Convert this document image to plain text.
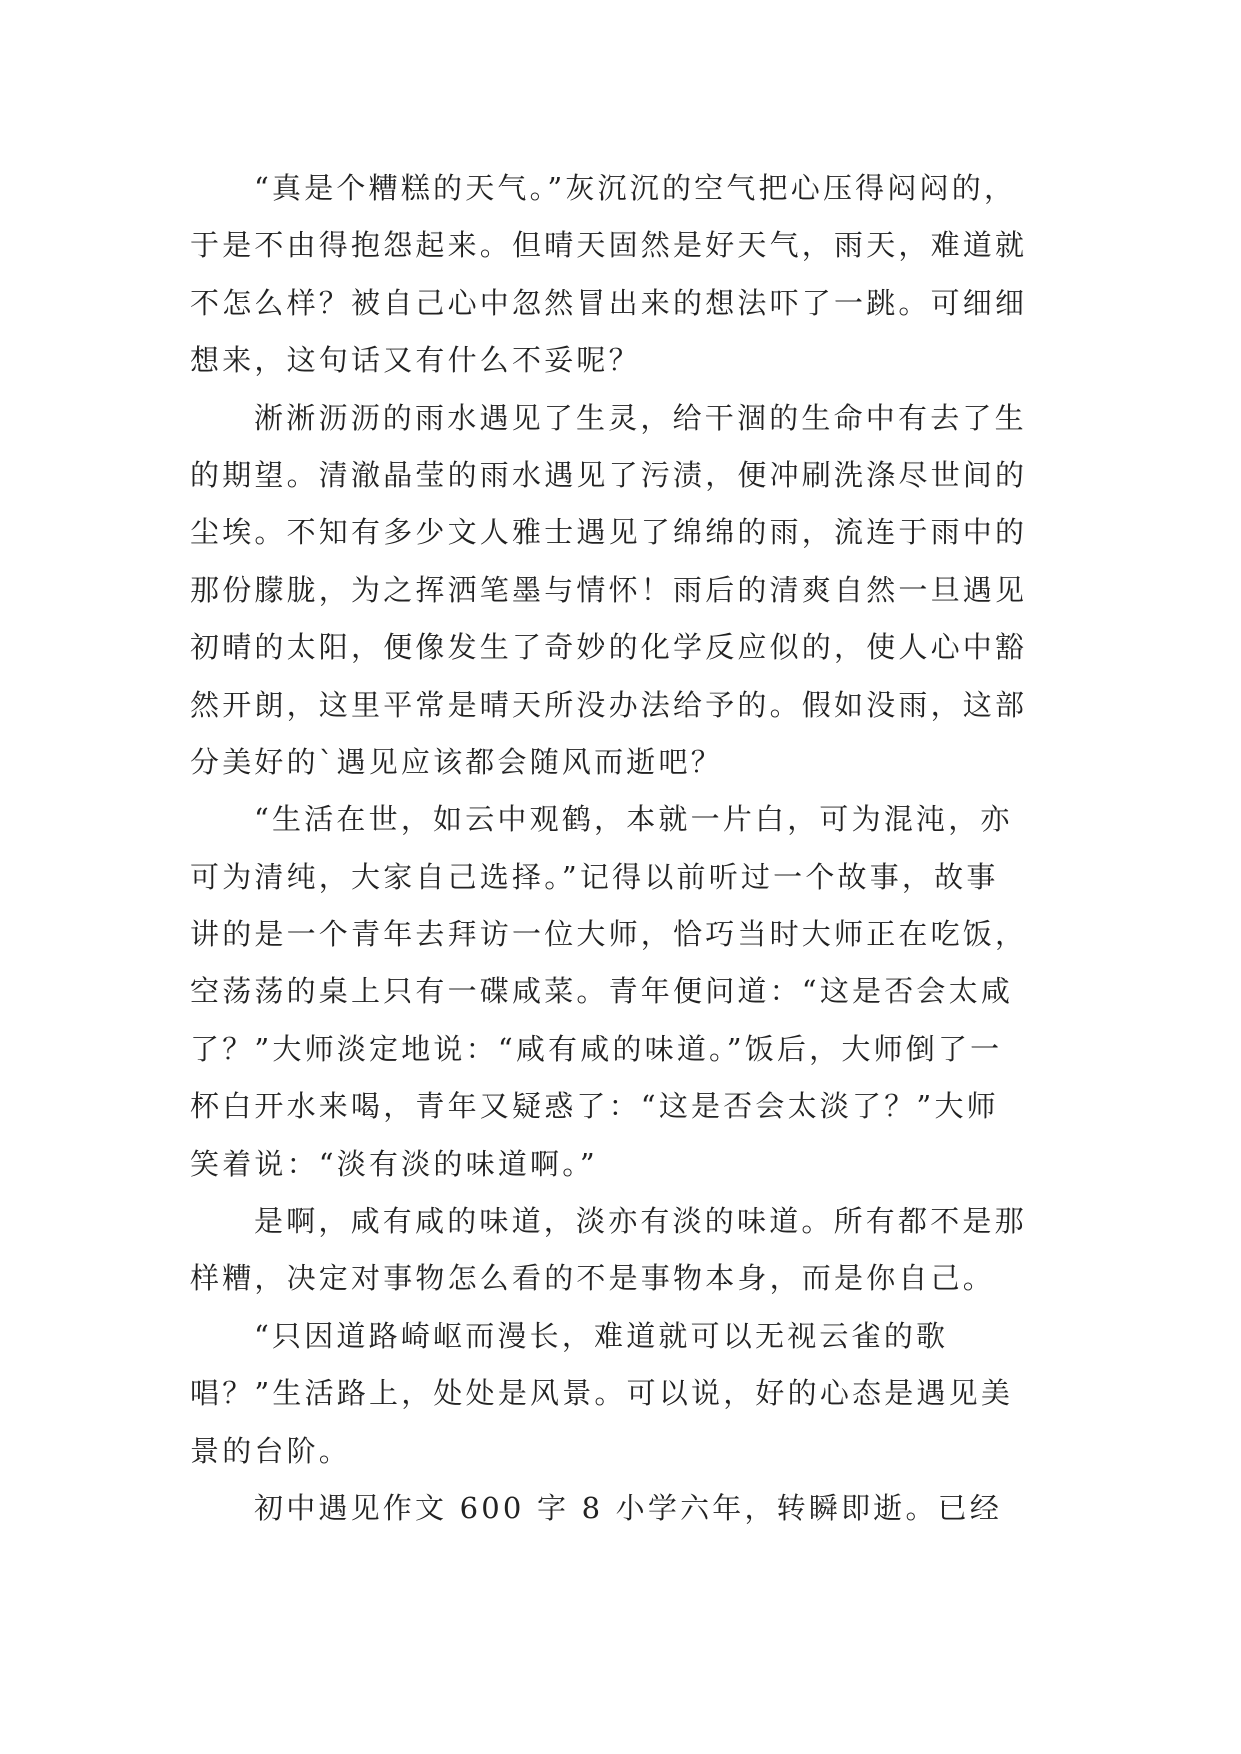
“真是个糟糕的天气。”灰沉沉的空气把心压得闷闷的，
于是不由得抱怨起来。但晴天固然是好天气，雨天，难道就
不怎么样？被自己心中忽然冒出来的想法吓了一跳。可细细
想来，这句话又有什么不妥呢？
淅淅沥沥的雨水遇见了生灵，给干涸的生命中有去了生
的期望。清澈晶莹的雨水遇见了污渍，便冲刷洗涤尽世间的
尘埃。不知有多少文人雅士遇见了绵绵的雨，流连于雨中的
那份朦胧，为之挥洒笔墨与情怀！雨后的清爽自然一旦遇见
初晴的太阳，便像发生了奇妙的化学反应似的，使人心中豁
然开朗，这里平常是晴天所没办法给予的。假如没雨，这部
分美好的`遇见应该都会随风而逝吧？
“生活在世，如云中观鹤，本就一片白，可为混沌，亦
可为清纯，大家自己选择。”记得以前听过一个故事，故事
讲的是一个青年去拜访一位大师，恰巧当时大师正在吃饭，
空荡荡的桌上只有一碟咸菜。青年便问道：“这是否会太咸
了？”大师淡定地说：“咸有咸的味道。”饭后，大师倒了一
杯白开水来喝，青年又疑惑了：“这是否会太淡了？”大师
笑着说：“淡有淡的味道啊。”
是啊，咸有咸的味道，淡亦有淡的味道。所有都不是那
样糟，决定对事物怎么看的不是事物本身，而是你自己。
“只因道路崎岖而漫长，难道就可以无视云雀的歌
唱？”生活路上，处处是风景。可以说，好的心态是遇见美
景的台阶。
初中遇见作文 600 字 8 小学六年，转瞬即逝。已经
